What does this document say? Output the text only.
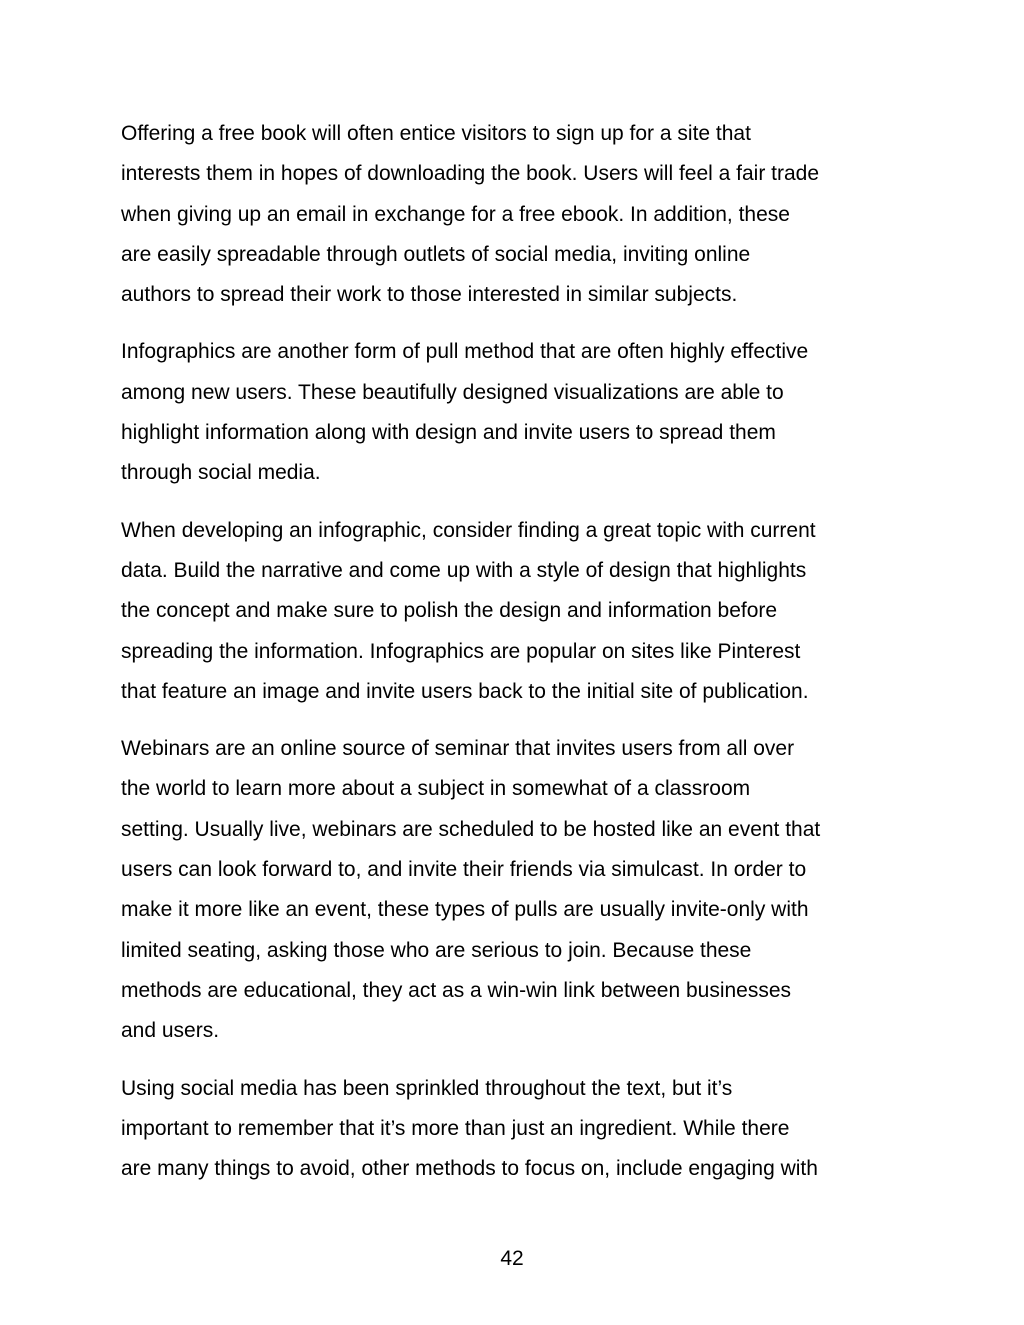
Offering a free book will often entice visitors to sign up for a site that
interests them in hopes of downloading the book. Users will feel a fair trade
when giving up an email in exchange for a free ebook. In addition, these
are easily spreadable through outlets of social media, inviting online
authors to spread their work to those interested in similar subjects.

Infographics are another form of pull method that are often highly effective
among new users. These beautifully designed visualizations are able to
highlight information along with design and invite users to spread them
through social media.

When developing an infographic, consider finding a great topic with current
data. Build the narrative and come up with a style of design that highlights
the concept and make sure to polish the design and information before
spreading the information. Infographics are popular on sites like Pinterest
that feature an image and invite users back to the initial site of publication.

Webinars are an online source of seminar that invites users from all over
the world to learn more about a subject in somewhat of a classroom
setting. Usually live, webinars are scheduled to be hosted like an event that
users can look forward to, and invite their friends via simulcast. In order to
make it more like an event, these types of pulls are usually invite-only with
limited seating, asking those who are serious to join. Because these
methods are educational, they act as a win-win link between businesses
and users.

Using social media has been sprinkled throughout the text, but it’s
important to remember that it’s more than just an ingredient. While there
are many things to avoid, other methods to focus on, include engaging with

42
